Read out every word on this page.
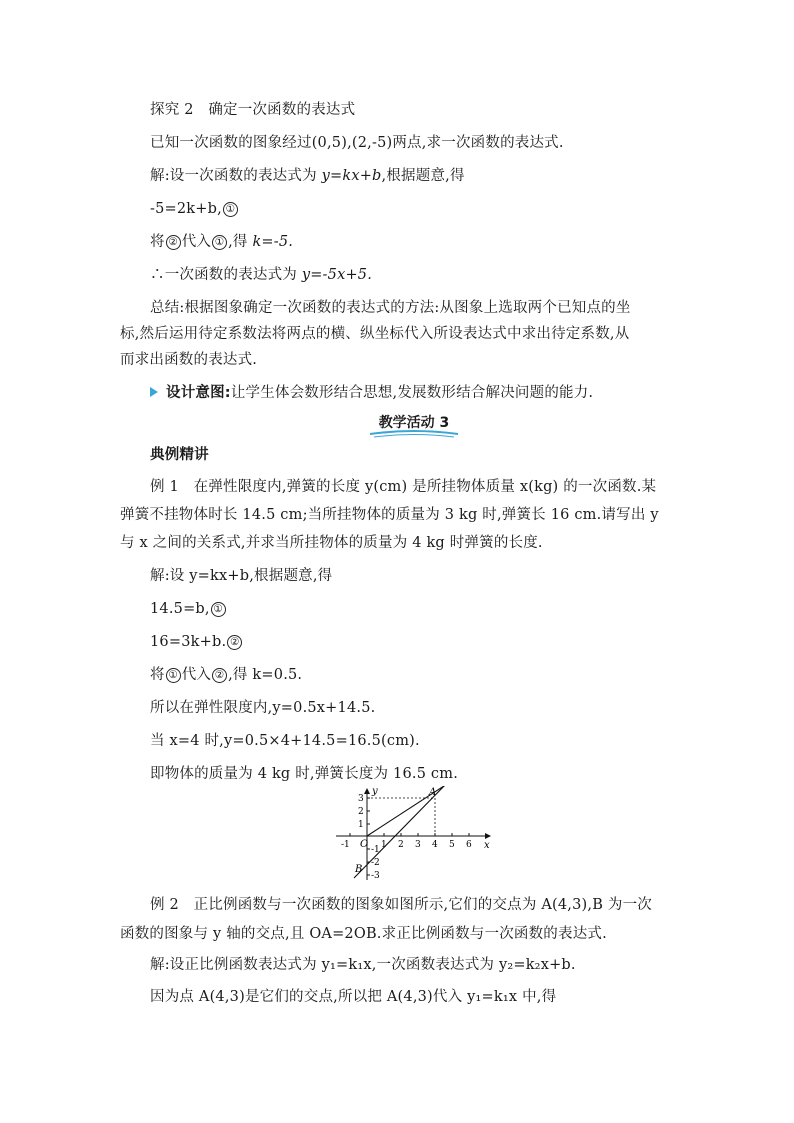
探究 2　确定一次函数的表达式
已知一次函数的图象经过(0,5),(2,-5)两点,求一次函数的表达式.
解:设一次函数的表达式为 y=kx+b,根据题意,得
-5=2k+b, ①
将 ② 代入 ① ,得 k=-5.
∴一次函数的表达式为 y=-5x+5.
总结:根据图象确定一次函数的表达式的方法:从图象上选取两个已知点的坐
标,然后运用待定系数法将两点的横、纵坐标代入所设表达式中求出待定系数,从
而求出函数的表达式.
设计意图:让学生体会数形结合思想,发展数形结合解决问题的能力.
教学活动 3
典例精讲
例 1　在弹性限度内,弹簧的长度 y(cm) 是所挂物体质量 x(kg) 的一次函数.某
弹簧不挂物体时长 14.5 cm;当所挂物体的质量为 3 kg 时,弹簧长 16 cm.请写出 y
与 x 之间的关系式,并求当所挂物体的质量为 4 kg 时弹簧的长度.
解:设 y=kx+b,根据题意,得
14.5=b, ①
16=3k+b. ②
将 ① 代入 ② ,得 k=0.5.
所以在弹性限度内,y=0.5x+14.5.
当 x=4 时,y=0.5×4+14.5=16.5(cm).
即物体的质量为 4 kg 时,弹簧长度为 16.5 cm.
x
y	A
B
O
-1	1 2 3 4 5 6
3
2
1
-1
-2
-3
例 2　正比例函数与一次函数的图象如图所示,它们的交点为 A(4,3),B 为一次
函数的图象与 y 轴的交点,且 OA=2OB.求正比例函数与一次函数的表达式.
解:设正比例函数表达式为 y₁=k₁x,一次函数表达式为 y₂=k₂x+b.
因为点 A(4,3)是它们的交点,所以把 A(4,3)代入 y₁=k₁x 中,得
